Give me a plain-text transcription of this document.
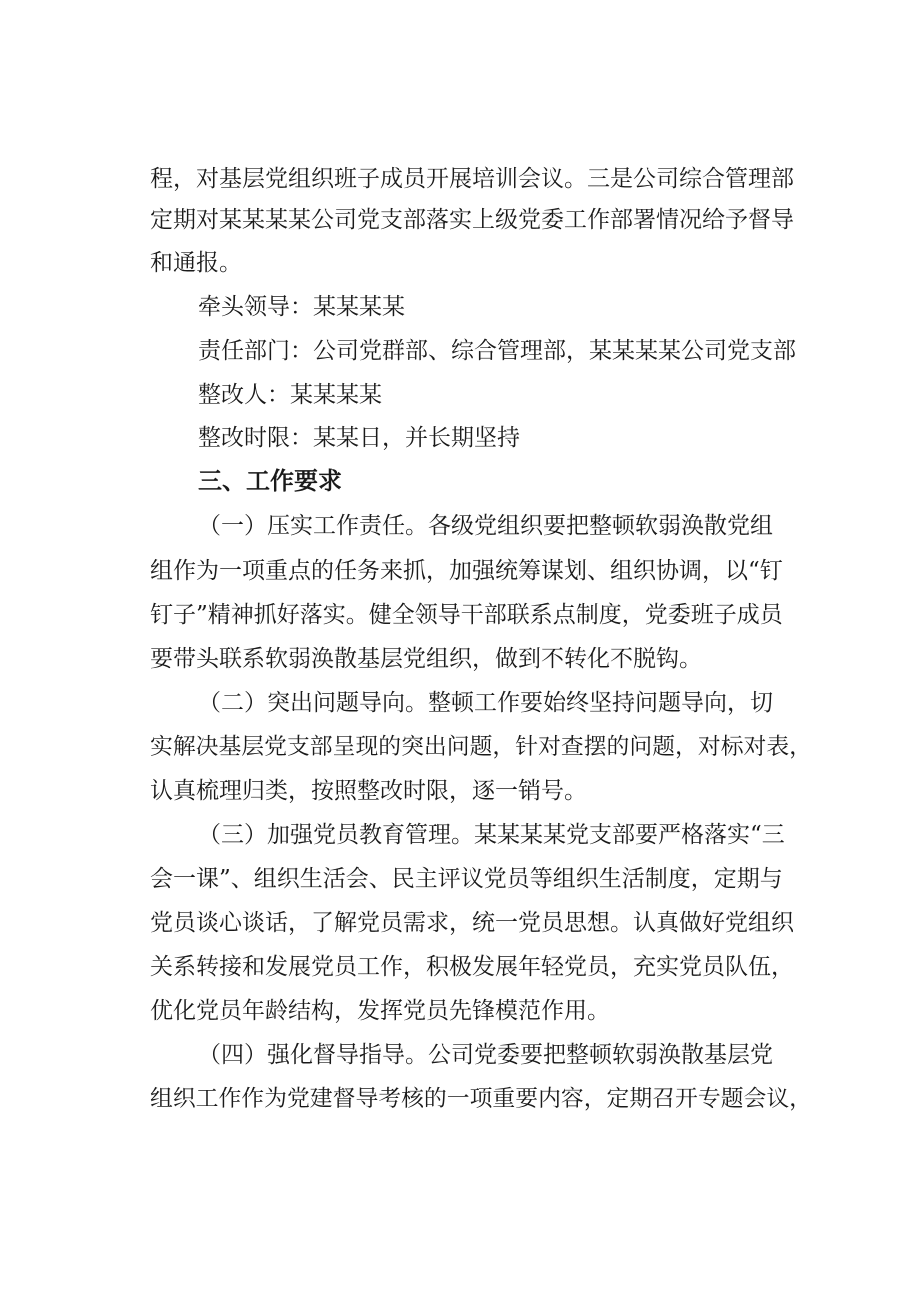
程，对基层党组织班子成员开展培训会议。三是公司综合管理部
定期对某某某某公司党支部落实上级党委工作部署情况给予督导
和通报。
牵头领导：某某某某
责任部门：公司党群部、综合管理部，某某某某公司党支部
整改人：某某某某
整改时限：某某日，并长期坚持
三、工作要求
（一）压实工作责任。各级党组织要把整顿软弱涣散党组
组作为一项重点的任务来抓，加强统筹谋划、组织协调，以“钉
钉子”精神抓好落实。健全领导干部联系点制度，党委班子成员
要带头联系软弱涣散基层党组织，做到不转化不脱钩。
（二）突出问题导向。整顿工作要始终坚持问题导向，切
实解决基层党支部呈现的突出问题，针对查摆的问题，对标对表，
认真梳理归类，按照整改时限，逐一销号。
（三）加强党员教育管理。某某某某党支部要严格落实“三
会一课”、组织生活会、民主评议党员等组织生活制度，定期与
党员谈心谈话，了解党员需求，统一党员思想。认真做好党组织
关系转接和发展党员工作，积极发展年轻党员，充实党员队伍，
优化党员年龄结构，发挥党员先锋模范作用。
（四）强化督导指导。公司党委要把整顿软弱涣散基层党
组织工作作为党建督导考核的一项重要内容，定期召开专题会议，
